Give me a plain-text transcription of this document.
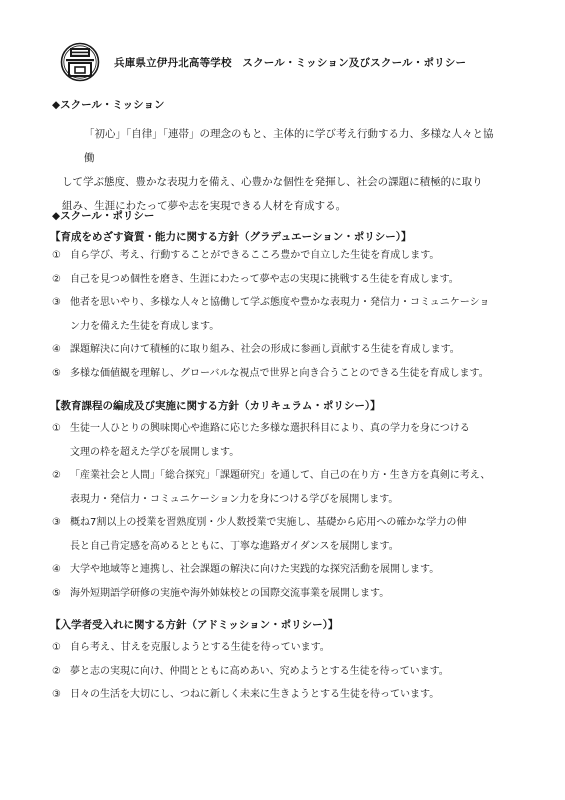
兵庫県立伊丹北高等学校　スクール・ミッション及びスクール・ポリシー
◆スクール・ミッション

「初心」「自律」「連帯」の理念のもと、主体的に学び考え行動する力、多様な人々と協働

して学ぶ態度、豊かな表現力を備え、心豊かな個性を発揮し、社会の課題に積極的に取り

組み、生涯にわたって夢や志を実現できる人材を育成する。

◆スクール・ポリシー
【育成をめざす資質・能力に関する方針（グラデュエーション・ポリシー）】
① 自ら学び、考え、行動することができるこころ豊かで自立した生徒を育成します。
② 自己を見つめ個性を磨き、生涯にわたって夢や志の実現に挑戦する生徒を育成します。
③ 他者を思いやり、多様な人々と協働して学ぶ態度や豊かな表現力・発信力・コミュニケーショ
ン力を備えた生徒を育成します。
④ 課題解決に向けて積極的に取り組み、社会の形成に参画し貢献する生徒を育成します。
⑤ 多様な価値観を理解し、グローバルな視点で世界と向き合うことのできる生徒を育成します。
【教育課程の編成及び実施に関する方針（カリキュラム・ポリシー）】
① 生徒一人ひとりの興味関心や進路に応じた多様な選択科目により、真の学力を身につける
文理の枠を超えた学びを展開します。
② 「産業社会と人間」「総合探究」「課題研究」を通して、自己の在り方・生き方を真剣に考え、
表現力・発信力・コミュニケーション力を身につける学びを展開します。
③ 概ね7割以上の授業を習熟度別・少人数授業で実施し、基礎から応用への確かな学力の伸
長と自己肯定感を高めるとともに、丁寧な進路ガイダンスを展開します。
④ 大学や地域等と連携し、社会課題の解決に向けた実践的な探究活動を展開します。
⑤ 海外短期語学研修の実施や海外姉妹校との国際交流事業を展開します。
【入学者受入れに関する方針（アドミッション・ポリシー）】
① 自ら考え、甘えを克服しようとする生徒を待っています。
② 夢と志の実現に向け、仲間とともに高めあい、究めようとする生徒を待っています。
③ 日々の生活を大切にし、つねに新しく未来に生きようとする生徒を待っています。
